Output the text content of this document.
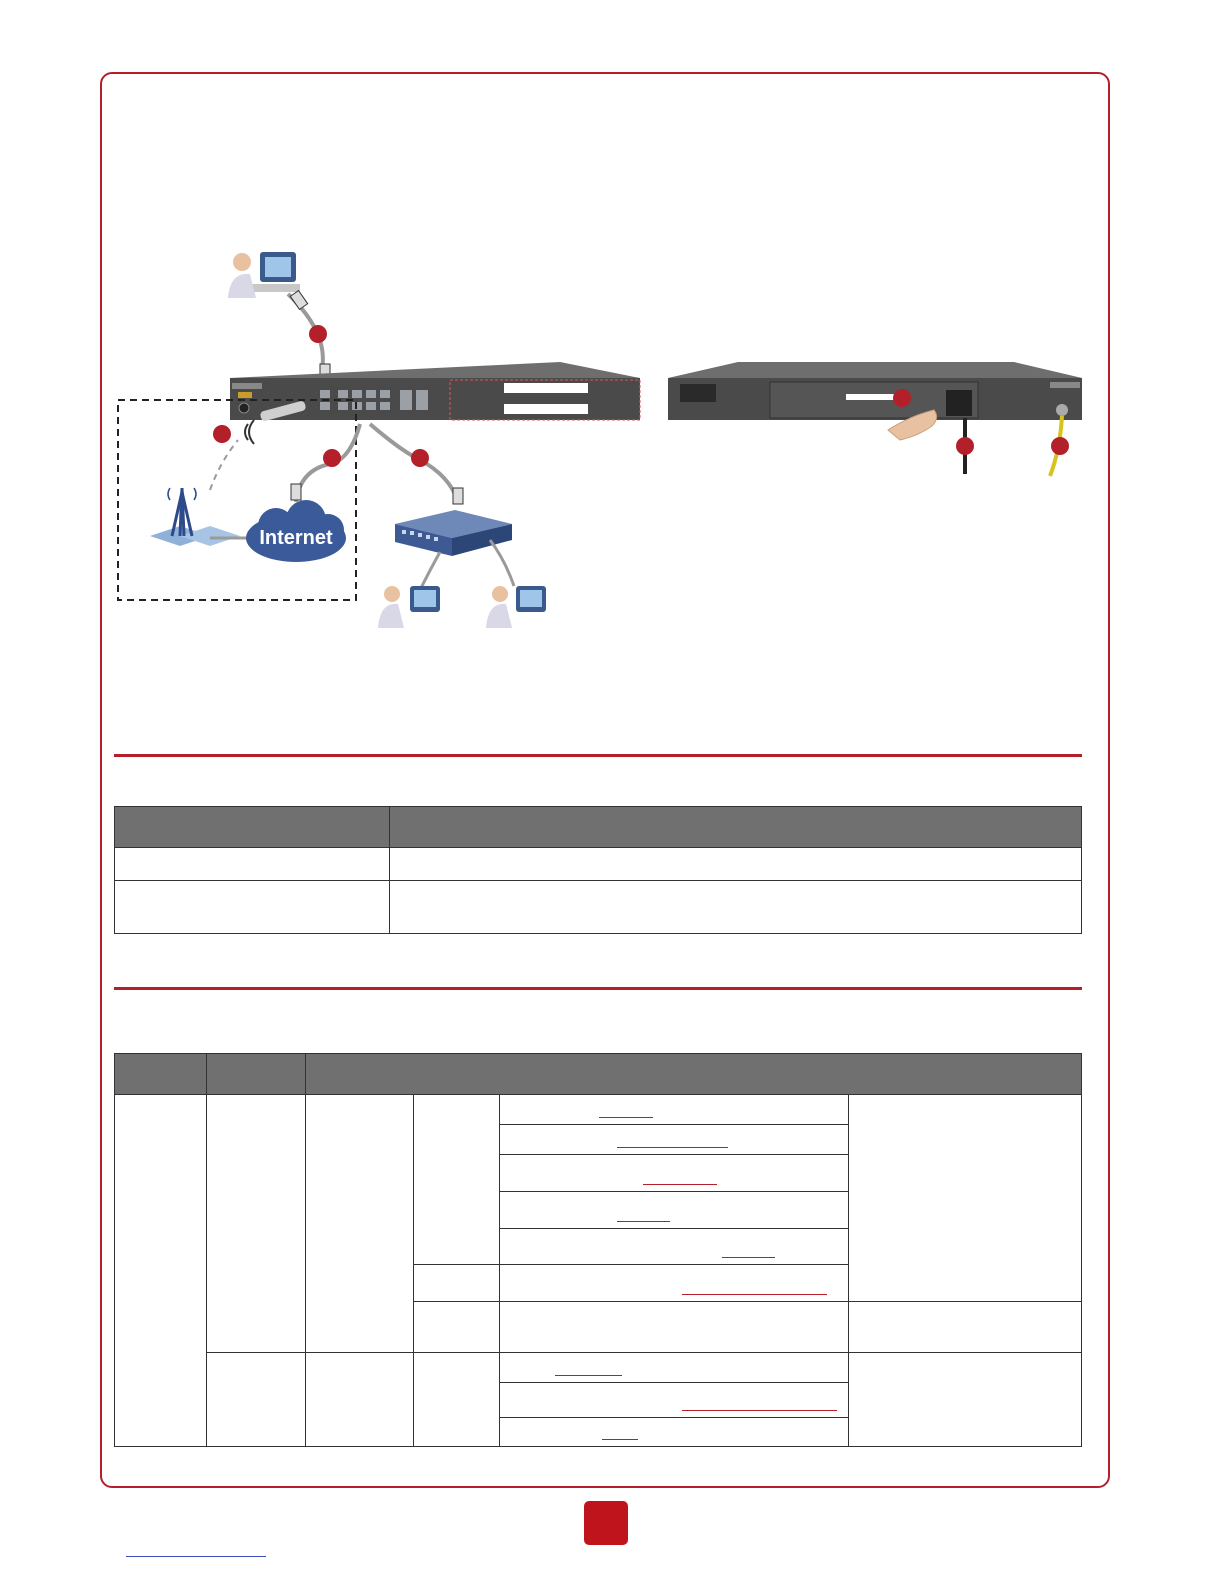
Internet
